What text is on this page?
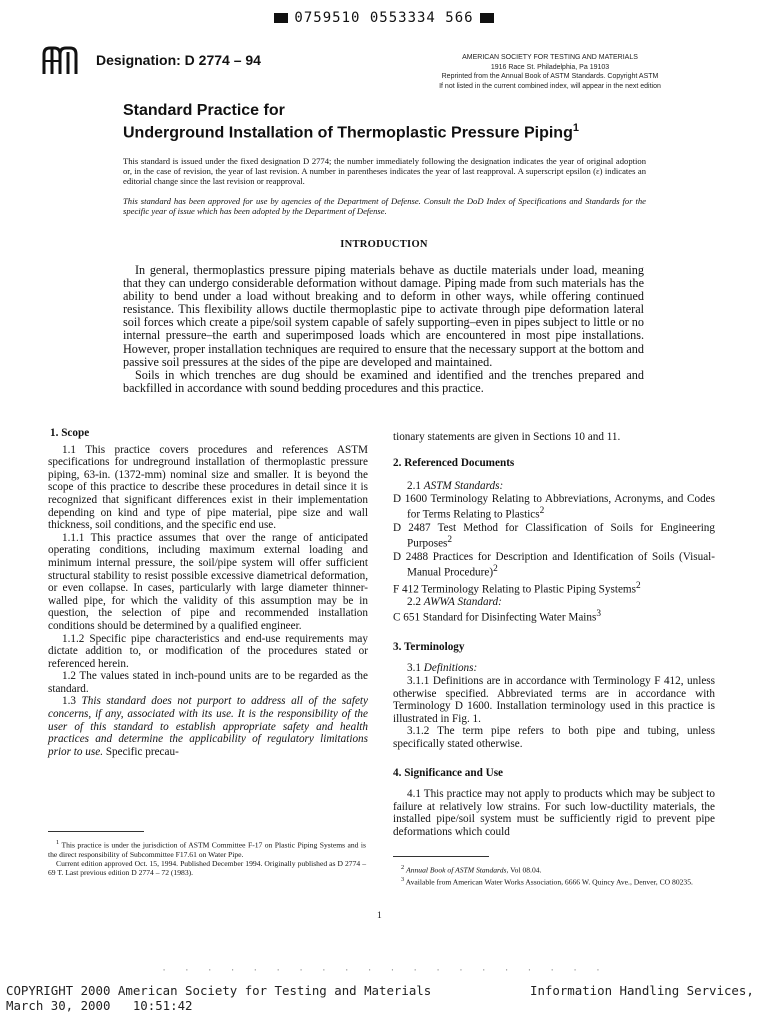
0759510 0553334 566
Designation: D 2774 – 94	AMERICAN SOCIETY FOR TESTING AND MATERIALS
1916 Race St. Philadelphia, Pa 19103
Reprinted from the Annual Book of ASTM Standards. Copyright ASTM
If not listed in the current combined index, will appear in the next edition
Standard Practice for
Underground Installation of Thermoplastic Pressure Piping$^1$
This standard is issued under the fixed designation D 2774; the number immediately following the designation indicates the year of original adoption or, in the case of revision, the year of last revision. A number in parentheses indicates the year of last reapproval. A superscript epsilon (ε) indicates an editorial change since the last revision or reapproval.
This standard has been approved for use by agencies of the Department of Defense. Consult the DoD Index of Specifications and Standards for the specific year of issue which has been adopted by the Department of Defense.
INTRODUCTION

In general, thermoplastics pressure piping materials behave as ductile materials under load, meaning that they can undergo considerable deformation without damage. Piping made from such materials has the ability to bend under a load without breaking and to deform in other ways, while offering continued resistance. This flexibility allows ductile thermoplastic pipe to activate through pipe deformation lateral soil forces which create a pipe/soil system capable of safely supporting–even in pipes subject to little or no internal pressure–the earth and superimposed loads which are encountered in most pipe installations. However, proper installation techniques are required to ensure that the necessary support at the bottom and passive soil pressures at the sides of the pipe are developed and maintained.

Soils in which trenches are dug should be examined and identified and the trenches prepared and backfilled in accordance with sound bedding procedures and this practice.

1. Scope

1.1 This practice covers procedures and references ASTM specifications for undreground installation of thermoplastic pressure piping, 63-in. (1372-mm) nominal size and smaller. It is beyond the scope of this practice to describe these procedures in detail since it is recognized that significant differences exist in their implementation depending on kind and type of pipe material, pipe size and wall thickness, soil conditions, and the specific end use.

1.1.1 This practice assumes that over the range of anticipated operating conditions, including maximum external loading and minimum internal pressure, the soil/pipe system will offer sufficient structural stability to resist possible excessive diametrical deformation, or even collapse. In cases, particularly with large diameter thinner-walled pipe, for which the validity of this assumption may be in question, the selection of pipe and recommended installation conditions should be determined by a qualified engineer.

1.1.2 Specific pipe characteristics and end-use requirements may dictate addition to, or modification of the procedures stated or referenced herein.

1.2 The values stated in inch-pound units are to be regarded as the standard.

1.3 This standard does not purport to address all of the safety concerns, if any, associated with its use. It is the responsibility of the user of this standard to establish appropriate safety and health practices and determine the applicability of regulatory limitations prior to use. Specific precau-

$^1$ This practice is under the jurisdiction of ASTM Committee F-17 on Plastic Piping Systems and is the direct responsibility of Subcommittee F17.61 on Water Pipe.

Current edition approved Oct. 15, 1994. Published December 1994. Originally published as D 2774 – 69 T. Last previous edition D 2774 – 72 (1983).

tionary statements are given in Sections 10 and 11.

2. Referenced Documents

2.1 ASTM Standards:

D 1600 Terminology Relating to Abbreviations, Acronyms, and Codes for Terms Relating to Plastics$^2$
D 2487 Test Method for Classification of Soils for Engineering Purposes$^2$
D 2488 Practices for Description and Identification of Soils (Visual-Manual Procedure)$^2$
F 412 Terminology Relating to Plastic Piping Systems$^2$

2.2 AWWA Standard:

C 651 Standard for Disinfecting Water Mains$^3$
3. Terminology

3.1 Definitions:

3.1.1 Definitions are in accordance with Terminology F 412, unless otherwise specified. Abbreviated terms are in accordance with Terminology D 1600. Installation terminology used in this practice is illustrated in Fig. 1.

3.1.2 The term pipe refers to both pipe and tubing, unless specifically stated otherwise.

4. Significance and Use

4.1 This practice may not apply to products which may be subject to failure at relatively low strains. For such low-ductility materials, the installed pipe/soil system must be sufficiently rigid to prevent pipe deformations which could

$^2$ Annual Book of ASTM Standards, Vol 08.04.

$^3$ Available from American Water Works Association, 6666 W. Quincy Ave., Denver, CO 80235.

1
· · · · · · · · · · · · · · · · · · · ·
COPYRIGHT 2000 American Society for Testing and Materials
March 30, 2000   10:51:42
Information Handling Services,
